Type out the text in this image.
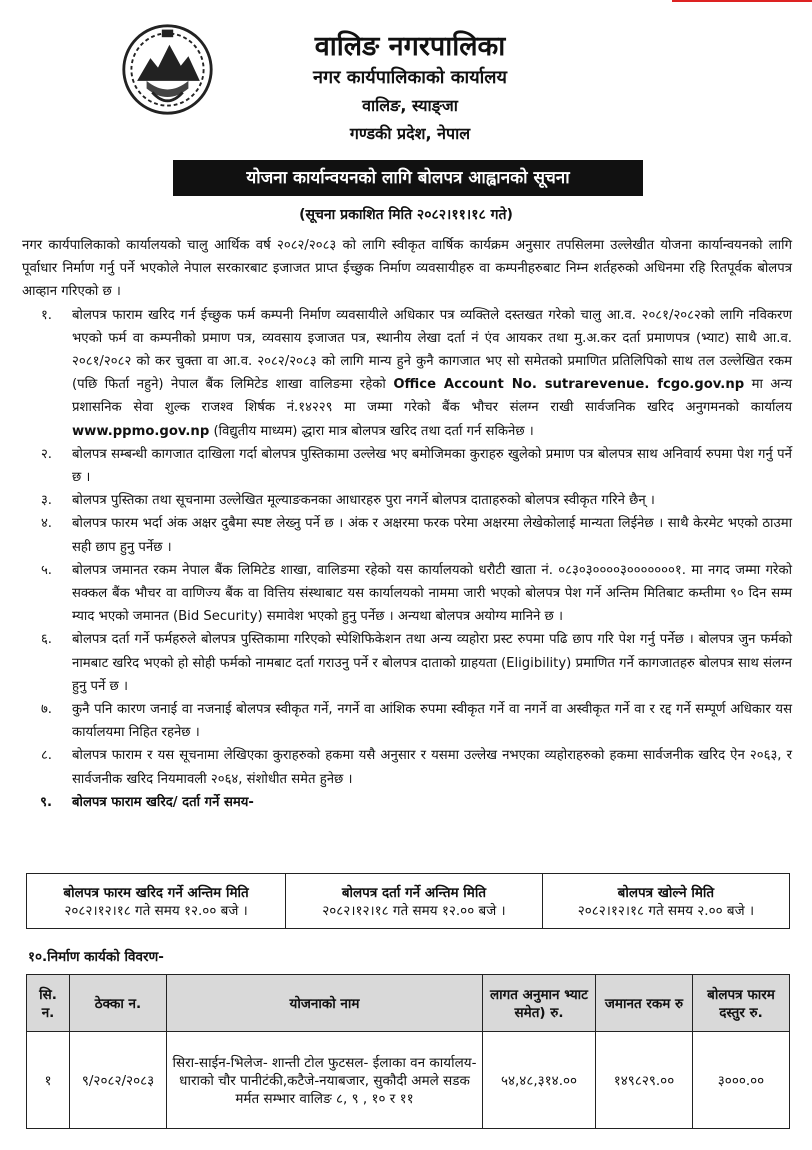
वालिङ नगरपालिका
नगर कार्यपालिकाको कार्यालय
वालिङ, स्याङ्जा
गण्डकी प्रदेश, नेपाल
योजना कार्यान्वयनको लागि बोलपत्र आह्वानको सूचना
(सूचना प्रकाशित मिति २०८२।११।१८ गते)

नगर कार्यपालिकाको कार्यालयको चालु आर्थिक वर्ष २०८२/२०८३ को लागि स्वीकृत वार्षिक कार्यक्रम अनुसार तपसिलमा उल्लेखीत योजना कार्यान्वयनको लागि पूर्वाधार निर्माण गर्नु पर्ने भएकोले नेपाल सरकारबाट इजाजत प्राप्त ईच्छुक निर्माण व्यवसायीहरु वा कम्पनीहरुबाट निम्न शर्तहरुको अधिनमा रहि रितपूर्वक बोलपत्र आव्हान गरिएको छ ।

१. बोलपत्र फाराम खरिद गर्न ईच्छुक फर्म कम्पनी निर्माण व्यवसायीले अधिकार पत्र व्यक्तिले दस्तखत गरेको चालु आ.व. २०८१/२०८२को लागि नविकरण भएको फर्म वा कम्पनीको प्रमाण पत्र, व्यवसाय इजाजत पत्र, स्थानीय लेखा दर्ता नं एंव आयकर तथा मु.अ.कर दर्ता प्रमाणपत्र (भ्याट) साथै आ.व. २०८१/२०८२ को कर चुक्ता वा आ.व. २०८२/२०८३ को लागि मान्य हुने कुनै कागजात भए सो समेतको प्रमाणित प्रतिलिपिको साथ तल उल्लेखित रकम (पछि फिर्ता नहुने) नेपाल बैंक लिमिटेड शाखा वालिङमा रहेको Office Account No. sutrarevenue. fcgo.gov.np मा अन्य प्रशासनिक सेवा शुल्क राजश्व शिर्षक नं.१४२२९ मा जम्मा गरेको बैंक भौचर संलग्न राखी सार्वजनिक खरिद अनुगमनको कार्यालय www.ppmo.gov.np (विद्युतीय माध्यम) द्धारा मात्र बोलपत्र खरिद तथा दर्ता गर्न सकिनेछ ।
२. बोलपत्र सम्बन्धी कागजात दाखिला गर्दा बोलपत्र पुस्तिकामा उल्लेख भए बमोजिमका कुराहरु खुलेको प्रमाण पत्र बोलपत्र साथ अनिवार्य रुपमा पेश गर्नु पर्ने छ ।
३. बोलपत्र पुस्तिका तथा सूचनामा उल्लेखित मूल्याङकनका आधारहरु पुरा नगर्ने बोलपत्र दाताहरुको बोलपत्र स्वीकृत गरिने छैन् ।
४. बोलपत्र फारम भर्दा अंक अक्षर दुबैमा स्पष्ट लेख्नु पर्ने छ । अंक र अक्षरमा फरक परेमा अक्षरमा लेखेकोलाई मान्यता लिईनेछ । साथै केरमेट भएको ठाउमा सही छाप हुनु पर्नेछ ।
५. बोलपत्र जमानत रकम नेपाल बैंक लिमिटेड शाखा, वालिङमा रहेको यस कार्यालयको धरौटी खाता नं. ०८३०३००००३०००००००१. मा नगद जम्मा गरेको सक्कल बैंक भौचर वा वाणिज्य बैंक वा वित्तिय संस्थाबाट यस कार्यालयको नाममा जारी भएको बोलपत्र पेश गर्ने अन्तिम मितिबाट कम्तीमा ९० दिन सम्म म्याद भएको जमानत (Bid Security) समावेश भएको हुनु पर्नेछ । अन्यथा बोलपत्र अयोग्य मानिने छ ।
६. बोलपत्र दर्ता गर्ने फर्महरुले बोलपत्र पुस्तिकामा गरिएको स्पेशिफिकेशन तथा अन्य व्यहोरा प्रस्ट रुपमा पढि छाप गरि पेश गर्नु पर्नेछ । बोलपत्र जुन फर्मको नामबाट खरिद भएको हो सोही फर्मको नामबाट दर्ता गराउनु पर्ने र बोलपत्र दाताको ग्राहयता (Eligibility) प्रमाणित गर्ने कागजातहरु बोलपत्र साथ संलग्न हुनु पर्ने छ ।
७. कुनै पनि कारण जनाई वा नजनाई बोलपत्र स्वीकृत गर्ने, नगर्ने वा आंशिक रुपमा स्वीकृत गर्ने वा नगर्ने वा अस्वीकृत गर्ने वा र रद्द गर्ने सम्पूर्ण अधिकार यस कार्यालयमा निहित रहनेछ ।
८. बोलपत्र फाराम र यस सूचनामा लेखिएका कुराहरुको हकमा यसै अनुसार र यसमा उल्लेख नभएका व्यहोराहरुको हकमा सार्वजनीक खरिद ऐन २०६३, र सार्वजनीक खरिद नियमावली २०६४, संशोधीत समेत हुनेछ ।
९. बोलपत्र फाराम खरिद/ दर्ता गर्ने समय-
बोलपत्र फारम खरिद गर्ने अन्तिम मिति
२०८२।१२।१८ गते समय १२.०० बजे ।	
बोलपत्र दर्ता गर्ने अन्तिम मिति
२०८२।१२।१८ गते समय १२.०० बजे ।	
बोलपत्र खोल्ने मिति
२०८२।१२।१८ गते समय २.०० बजे ।
१०.निर्माण कार्यको विवरण-
सि. न.	ठेक्का न.	योजनाको नाम	लागत अनुमान भ्याट समेत) रु.	जमानत रकम रु	बोलपत्र फारम दस्तुर रु.
१	९/२०८२/२०८३	सिरा-साईन-भिलेज- शान्ती टोल फुटसल- ईलाका वन कार्यालय- धाराको चौर पानीटंकी,कटैजे-नयाबजार, सुकौदी अमले सडक मर्मत सम्भार वालिङ ८, ९ , १० र ११	५४,४८,३१४.००	१४९८२९.००	३०००.००
